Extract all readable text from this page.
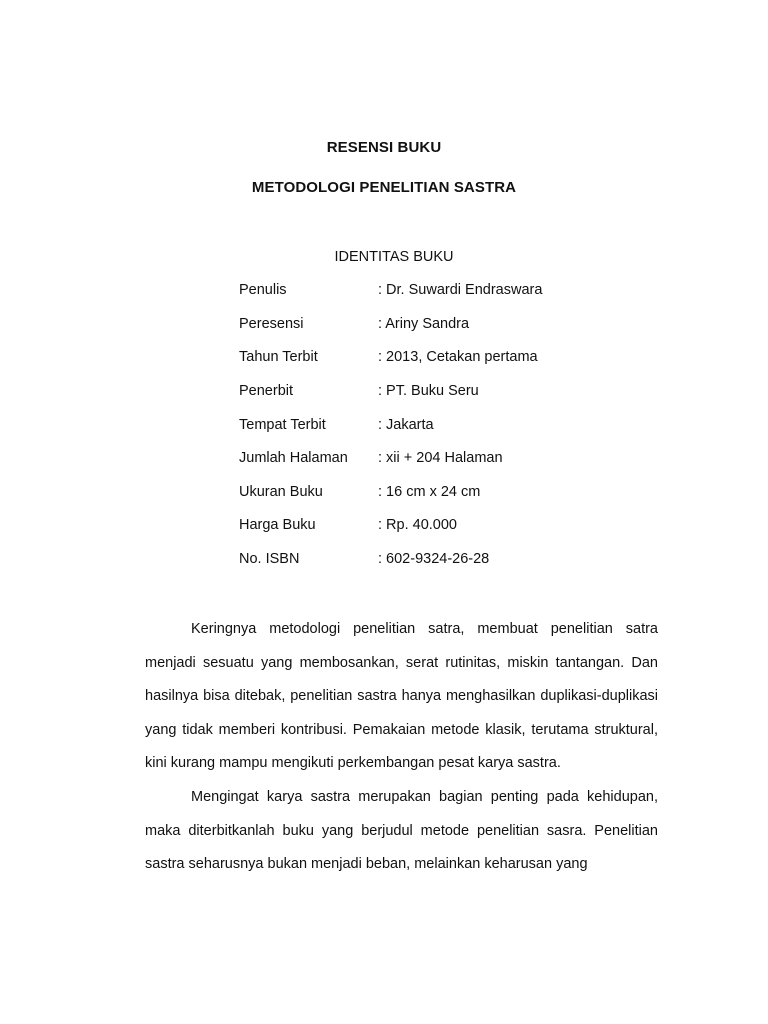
RESENSI BUKU
METODOLOGI PENELITIAN SASTRA
IDENTITAS BUKU
Penulis	: Dr. Suwardi Endraswara
Peresensi	: Ariny Sandra
Tahun Terbit	: 2013, Cetakan pertama
Penerbit	: PT. Buku Seru
Tempat Terbit	: Jakarta
Jumlah Halaman : xii + 204 Halaman
Ukuran Buku	: 16 cm x 24 cm
Harga Buku	: Rp. 40.000
No. ISBN	: 602-9324-26-28

Keringnya metodologi penelitian satra, membuat penelitian satra menjadi sesuatu yang membosankan, serat rutinitas, miskin tantangan. Dan hasilnya bisa ditebak, penelitian sastra hanya menghasilkan duplikasi-duplikasi yang tidak memberi kontribusi. Pemakaian metode klasik, terutama struktural, kini kurang mampu mengikuti perkembangan pesat karya sastra.

Mengingat karya sastra merupakan bagian penting pada kehidupan, maka diterbitkanlah buku yang berjudul metode penelitian sasra. Penelitian sastra seharusnya bukan menjadi beban, melainkan keharusan yang
